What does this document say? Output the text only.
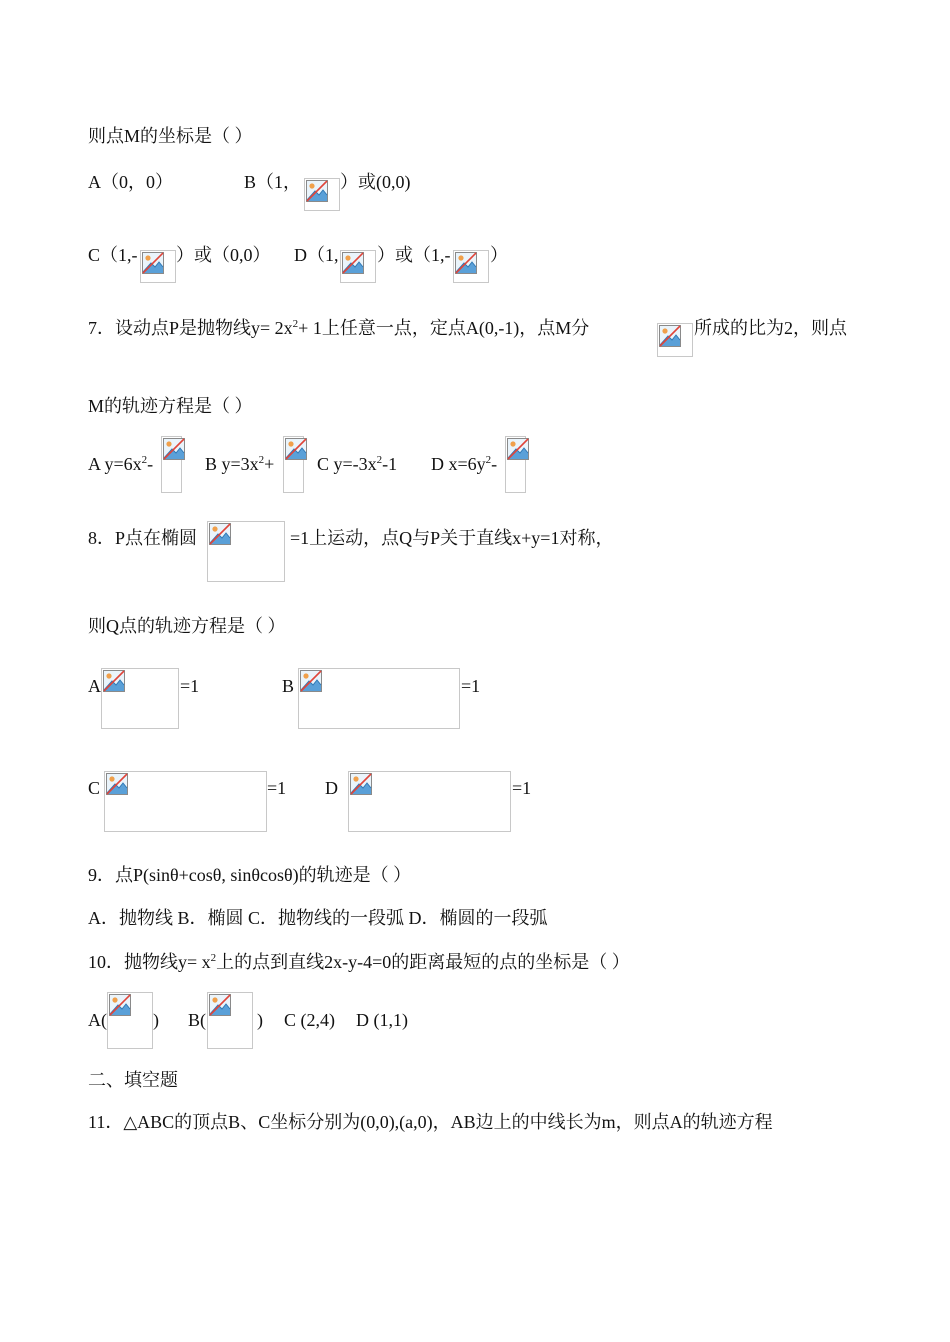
则点M的坐标是（ ）
A（0，0）	B（1， ）或(0,0)
C（1,- ）或（0,0） D（1, ）或（1,- ）
7．设动点P是抛物线$y= 2x^2+ 1$上任意一点，定点A(0,-1)，点M分	所成的比为2，则点
M的轨迹方程是（ ）
A $y=6x^2-$	B $y=3x^2+ C$ $y=-3x^2-1$ D $x=6y^2-$
8．P点在椭圆	=1上运动，点Q与P关于直线x+y=1对称，
则Q点的轨迹方程是（ ）
A	=1	B	=1
C	=1 D	=1
9．点P(sinθ+cosθ, sinθcosθ)的轨迹是（ ）
A．抛物线 B．椭圆 C．抛物线的一段弧 D．椭圆的一段弧
10．抛物线$y= x^2$上的点到直线2x-y-4=0的距离最短的点的坐标是（ ）
A(	) B(	) C (2,4) D (1,1)
二、填空题
11．△ABC的顶点B、C坐标分别为(0,0),(a,0)，AB边上的中线长为m，则点A的轨迹方程
